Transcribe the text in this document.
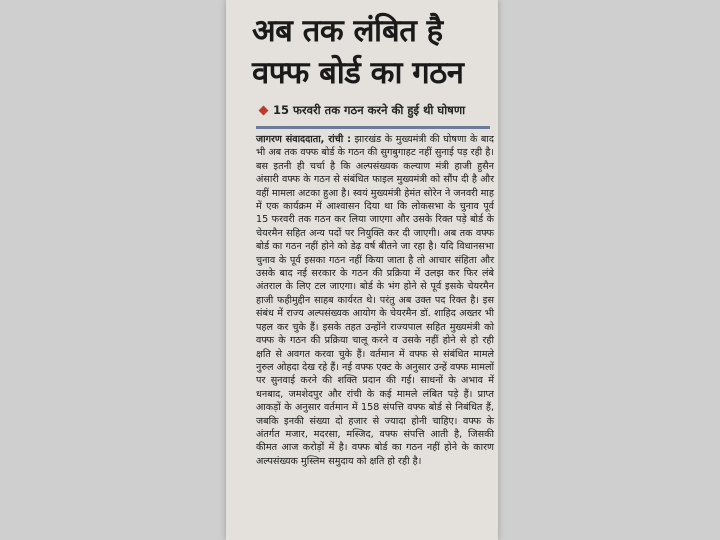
अब तक लंबित है
वफ्फ बोर्ड का गठन
15 फरवरी तक गठन करने की हुई थी घोषणा

जागरण संवाददाता, रांची : झारखंड के मुख्यमंत्री की घोषणा के बाद भी अब तक वफ्फ बोर्ड के गठन की सुगबुगाहट नहीं सुनाई पड़ रही है। बस इतनी ही चर्चा है कि अल्पसंख्यक कल्याण मंत्री हाजी हुसैन अंसारी वफ्फ के गठन से संबंधित फाइल मुख्यमंत्री को सौंप दी है और वहीं मामला अटका हुआ है। स्वयं मुख्यमंत्री हेमंत सोरेन ने जनवरी माह में एक कार्यक्रम में आश्वासन दिया था कि लोकसभा के चुनाव पूर्व 15 फरवरी तक गठन कर लिया जाएगा और उसके रिक्त पड़े बोर्ड के चेयरमैन सहित अन्य पदों पर नियुक्ति कर दी जाएगी। अब तक वफ्फ बोर्ड का गठन नहीं होने को डेढ़ वर्ष बीतने जा रहा है। यदि विधानसभा चुनाव के पूर्व इसका गठन नहीं किया जाता है तो आचार संहिता और उसके बाद नई सरकार के गठन की प्रक्रिया में उलझ कर फिर लंबे अंतराल के लिए टल जाएगा। बोर्ड के भंग होने से पूर्व इसके चेयरमैन हाजी फहीमुद्दीन साहब कार्यरत थे। परंतु अब उक्त पद रिक्त है। इस संबंध में राज्य अल्पसंख्यक आयोग के चेयरमैन डॉ. शाहिद अख्तर भी पहल कर चुके हैं। इसके तहत उन्होंने राज्यपाल सहित मुख्यमंत्री को वफ्फ के गठन की प्रक्रिया चालू करने व उसके नहीं होने से हो रही क्षति से अवगत करवा चुके हैं। वर्तमान में वफ्फ से संबंधित मामले नुरुल ओहदा देख रहे हैं। नई वफ्फ एक्ट के अनुसार उन्हें वफ्फ मामलों पर सुनवाई करने की शक्ति प्रदान की गई। साधनों के अभाव में धनबाद, जमशेदपुर और रांची के कई मामले लंबित पड़े हैं। प्राप्त आकड़ों के अनुसार वर्तमान में 158 संपत्ति वफ्फ बोर्ड से निबंधित हैं, जबकि इनकी संख्या दो हजार से ज्यादा होनी चाहिए। वफ्फ के अंतर्गत मजार, मदरसा, मस्जिद, वफ्फ संपत्ति आती है, जिसकी कीमत आज करोड़ों में है। वफ्फ बोर्ड का गठन नहीं होने के कारण अल्पसंख्यक मुस्लिम समुदाय को क्षति हो रही है।
